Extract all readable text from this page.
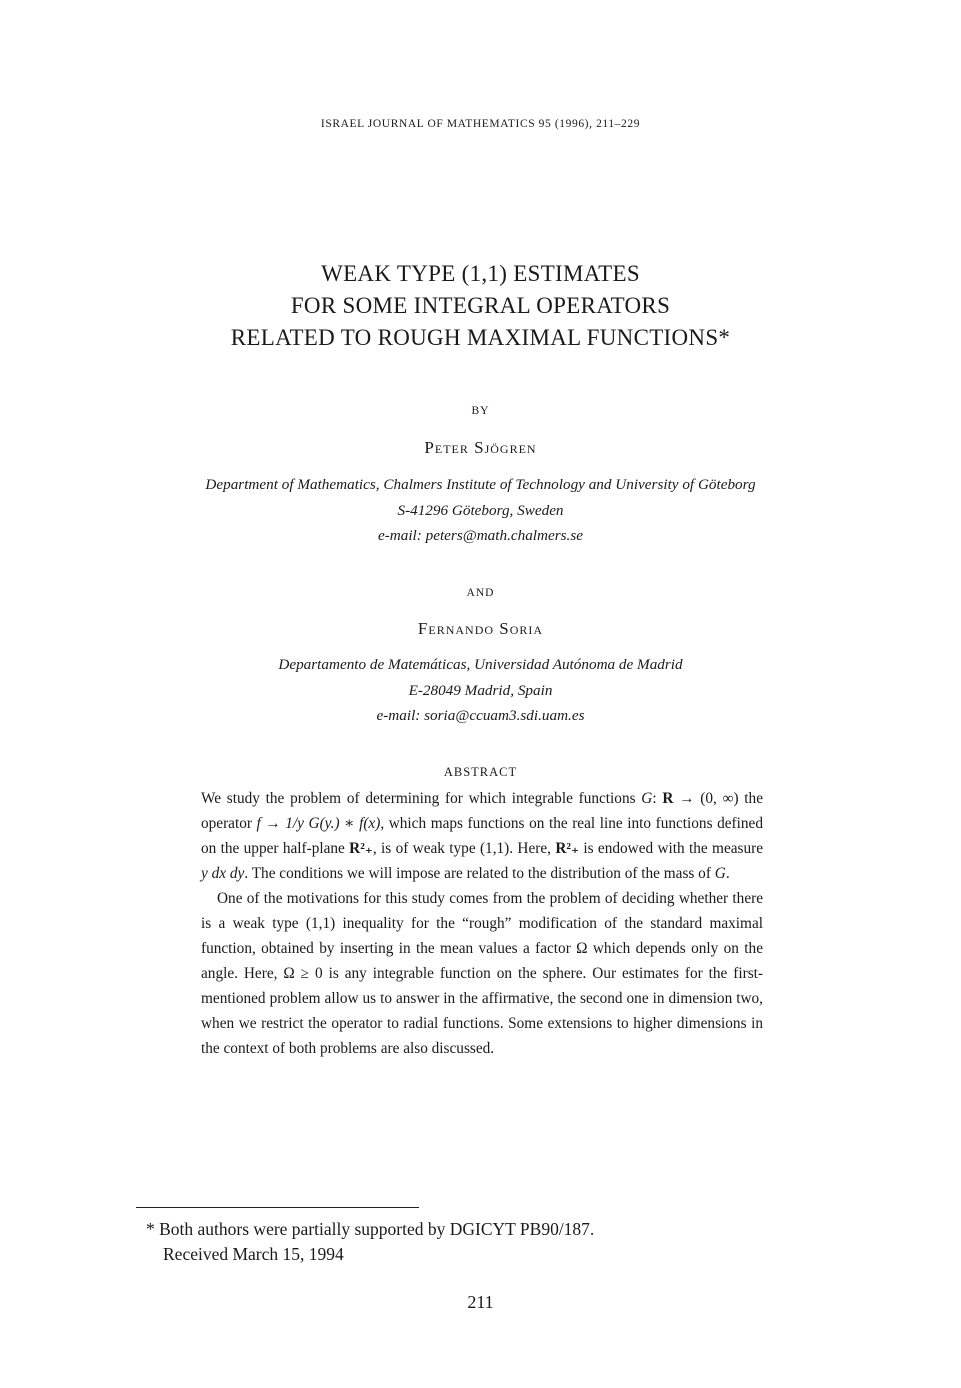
ISRAEL JOURNAL OF MATHEMATICS 95 (1996), 211–229
WEAK TYPE (1,1) ESTIMATES
FOR SOME INTEGRAL OPERATORS
RELATED TO ROUGH MAXIMAL FUNCTIONS*
BY
Peter Sjögren
Department of Mathematics, Chalmers Institute of Technology and University of Göteborg
S-41296 Göteborg, Sweden
e-mail: peters@math.chalmers.se
AND
Fernando Soria
Departamento de Matemáticas, Universidad Autónoma de Madrid
E-28049 Madrid, Spain
e-mail: soria@ccuam3.sdi.uam.es
ABSTRACT

We study the problem of determining for which integrable functions G: R → (0, ∞) the operator f → 1/y G(y.) ∗ f(x), which maps functions on the real line into functions defined on the upper half-plane R²₊, is of weak type (1,1). Here, R²₊ is endowed with the measure y dx dy. The conditions we will impose are related to the distribution of the mass of G.

One of the motivations for this study comes from the problem of deciding whether there is a weak type (1,1) inequality for the “rough” modification of the standard maximal function, obtained by inserting in the mean values a factor Ω which depends only on the angle. Here, Ω ≥ 0 is any integrable function on the sphere. Our estimates for the first-mentioned problem allow us to answer in the affirmative, the second one in dimension two, when we restrict the operator to radial functions. Some extensions to higher dimensions in the context of both problems are also discussed.

* Both authors were partially supported by DGICYT PB90/187.
Received March 15, 1994
211
